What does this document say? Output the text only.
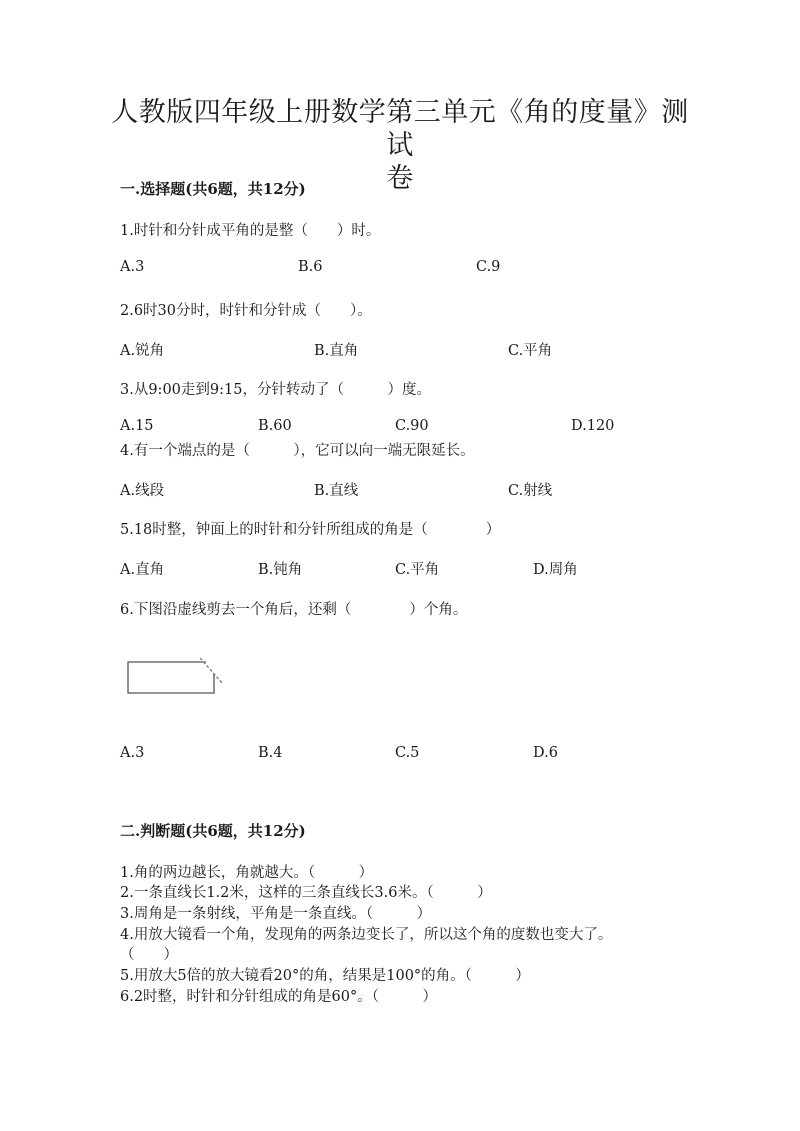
人教版四年级上册数学第三单元《角的度量》测试
卷
一.选择题(共6题，共12分)
1.时针和分针成平角的是整（　　）时。
A.3	B.6	C.9
2.6时30分时，时针和分针成（　　）。
A.锐角	B.直角	C.平角
3.从9:00走到9:15，分针转动了（　　　）度。
A.15	B.60	C.90	D.120
4.有一个端点的是（　　　），它可以向一端无限延长。
A.线段	B.直线	C.射线
5.18时整，钟面上的时针和分针所组成的角是（　　　　）
A.直角	B.钝角	C.平角	D.周角
6.下图沿虚线剪去一个角后，还剩（　　　　）个角。
A.3	B.4	C.5	D.6
二.判断题(共6题，共12分)
1.角的两边越长，角就越大。（　　　）
2.一条直线长1.2米，这样的三条直线长3.6米。（　　　）
3.周角是一条射线，平角是一条直线。（　　　）
4.用放大镜看一个角，发现角的两条边变长了，所以这个角的度数也变大了。
（　　）
5.用放大5倍的放大镜看20°的角，结果是100°的角。（　　　）
6.2时整，时针和分针组成的角是60°。（　　　）
